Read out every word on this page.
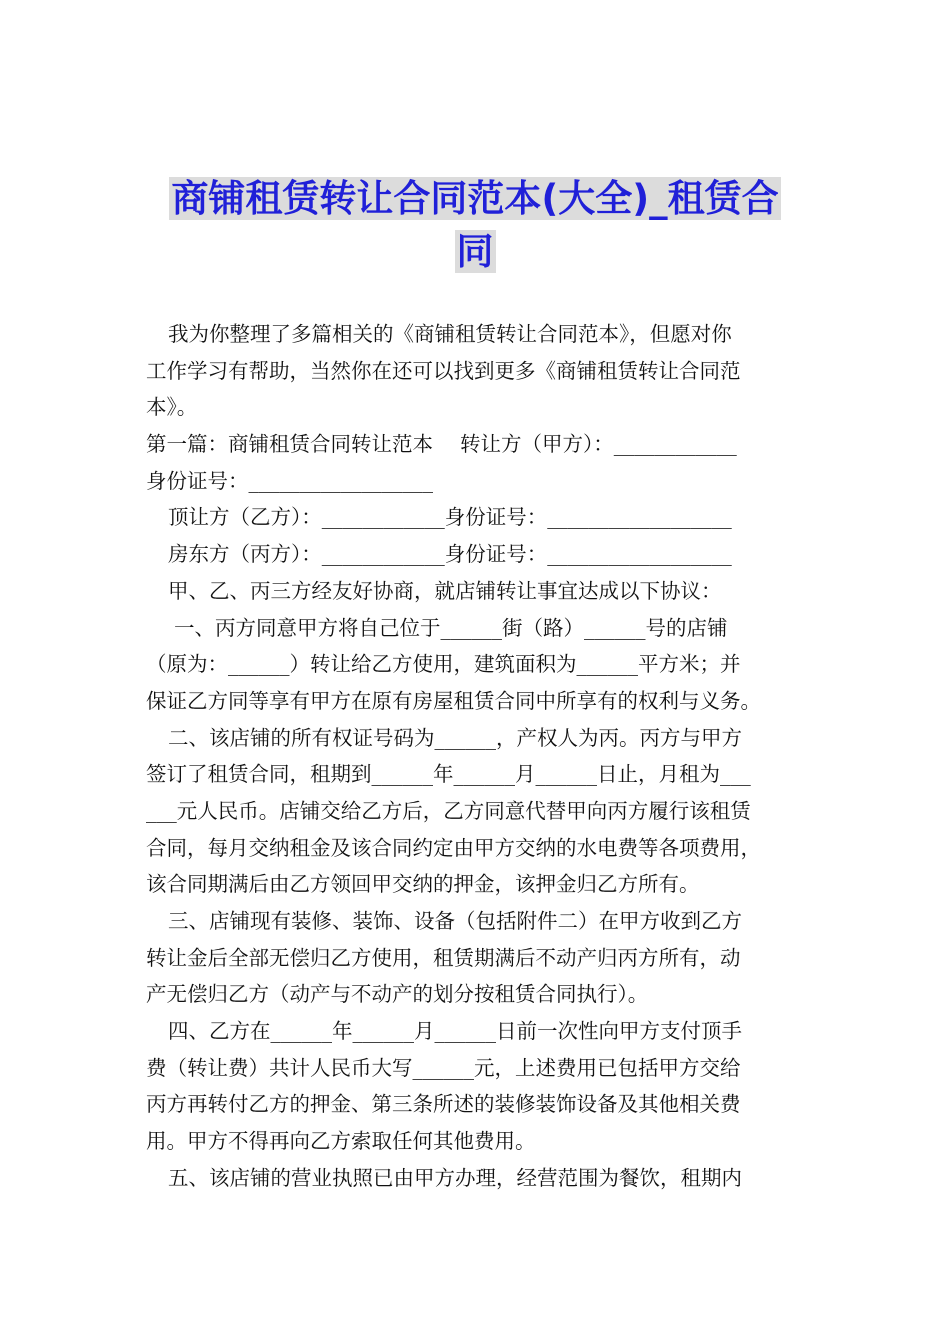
商铺租赁转让合同范本(大全)_租赁合
同
我为你整理了多篇相关的《商铺租赁转让合同范本》，但愿对你
工作学习有帮助，当然你在还可以找到更多《商铺租赁转让合同范
本》。
第一篇：商铺租赁合同转让范本　 转让方（甲方）：____________
身份证号：__________________
顶让方（乙方）：____________身份证号：__________________
房东方（丙方）：____________身份证号：__________________
甲、乙、丙三方经友好协商，就店铺转让事宜达成以下协议：
一、丙方同意甲方将自己位于______街（路）______号的店铺
（原为：______）转让给乙方使用，建筑面积为______平方米；并
保证乙方同等享有甲方在原有房屋租赁合同中所享有的权利与义务。
二、该店铺的所有权证号码为______，产权人为丙。丙方与甲方
签订了租赁合同，租期到______年______月______日止，月租为___
___元人民币。店铺交给乙方后，乙方同意代替甲向丙方履行该租赁
合同，每月交纳租金及该合同约定由甲方交纳的水电费等各项费用，
该合同期满后由乙方领回甲交纳的押金，该押金归乙方所有。
三、店铺现有装修、装饰、设备（包括附件二）在甲方收到乙方
转让金后全部无偿归乙方使用，租赁期满后不动产归丙方所有，动
产无偿归乙方（动产与不动产的划分按租赁合同执行）。
四、乙方在______年______月______日前一次性向甲方支付顶手
费（转让费）共计人民币大写______元，上述费用已包括甲方交给
丙方再转付乙方的押金、第三条所述的装修装饰设备及其他相关费
用。甲方不得再向乙方索取任何其他费用。
五、该店铺的营业执照已由甲方办理，经营范围为餐饮，租期内
